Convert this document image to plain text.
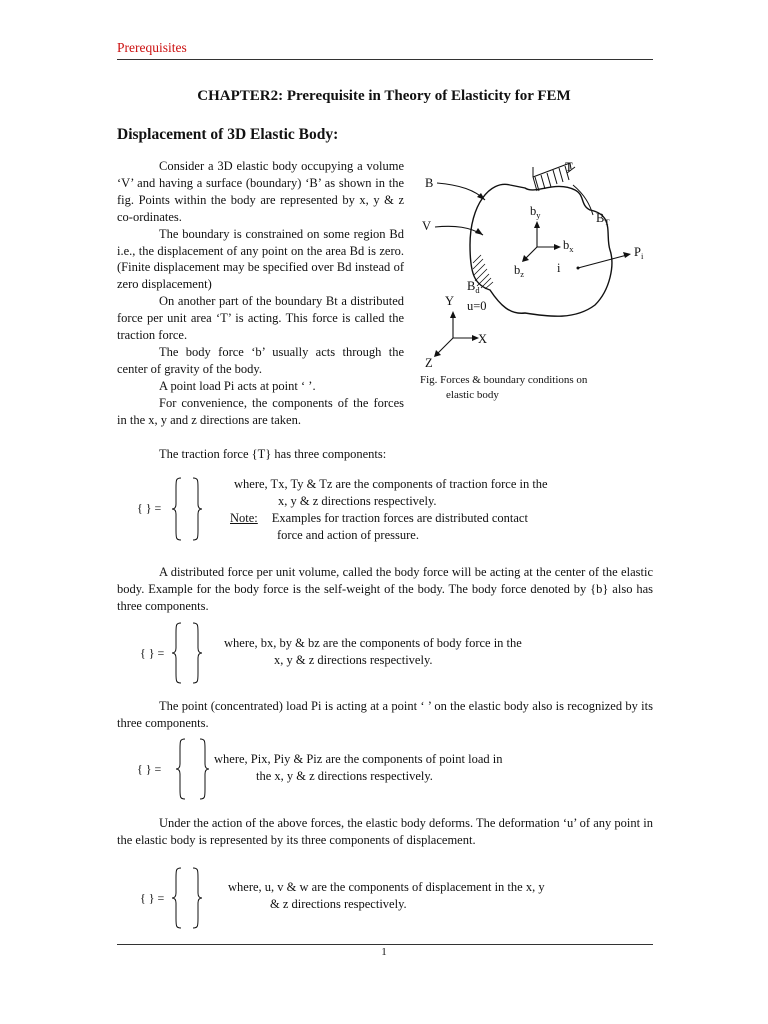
Prerequisites
CHAPTER2: Prerequisite in Theory of Elasticity for FEM
Displacement of 3D Elastic Body:

Consider a 3D elastic body occupying a volume ‘V’ and having a surface (boundary) ‘B’ as shown in the fig. Points within the body are represented by x, y & z co-ordinates.

The boundary is constrained on some region Bd i.e., the displacement of any point on the area Bd is zero. (Finite displacement may be specified over Bd instead of zero displacement)

On another part of the boundary Bt a distributed force per unit area ‘T’ is acting. This force is called the traction force.

The body force ‘b’ usually acts through the center of gravity of the body.

A point load Pi acts at point ‘ ’.

For convenience, the components of the forces in the x, y and z directions are taken.

T
B
V
$b_y$	$B_T$
$b_x$
$b_z$	i
$P_i$
$B_d$
u=0
Y
X
Z
Fig. Forces & boundary conditions on
elastic body
The traction force {T} has three components:
{ } =
where, Tx, Ty & Tz are the components of traction force in the
x, y & z directions respectively.
Note: Examples for traction forces are distributed contact
force and action of pressure.

A distributed force per unit volume, called the body force will be acting at the center of the elastic body. Example for the body force is the self-weight of the body. The body force denoted by {b} also has three components.

{ } =
where, bx, by & bz are the components of body force in the
x, y & z directions respectively.

The point (concentrated) load Pi is acting at a point ‘ ’ on the elastic body also is recognized by its three components.

{ } =
where, Pix, Piy & Piz are the components of point load in
the x, y & z directions respectively.

Under the action of the above forces, the elastic body deforms. The deformation ‘u’ of any point in the elastic body is represented by its three components of displacement.

{ } =
where, u, v & w are the components of displacement in the x, y
& z directions respectively.
1
